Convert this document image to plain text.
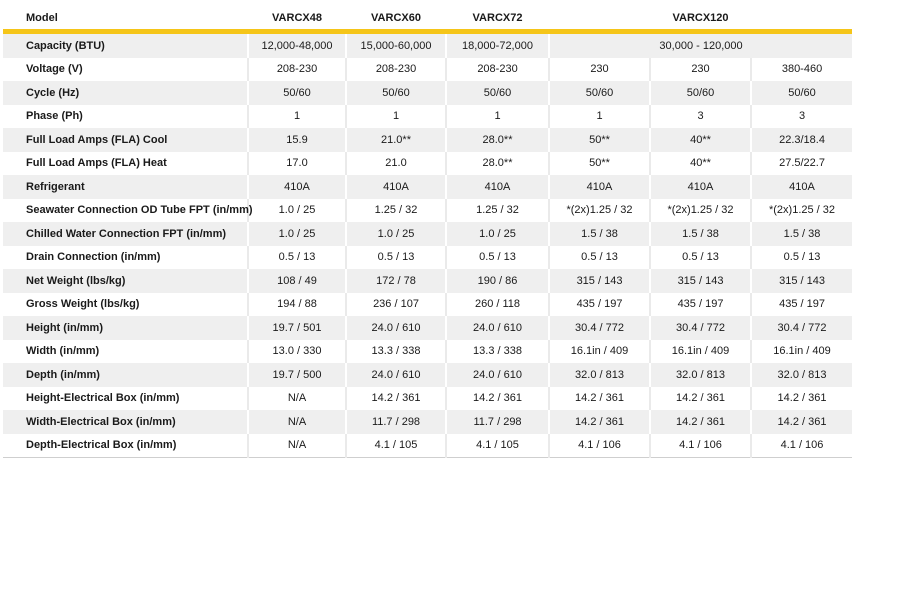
Model	VARCX48	VARCX60	VARCX72	VARCX120		
Capacity (BTU)	12,000-48,000	15,000-60,000	18,000-72,000	30,000 - 120,000		
Voltage (V)	208-230	208-230	208-230	230	230	380-460
Cycle (Hz)	50/60	50/60	50/60	50/60	50/60	50/60
Phase (Ph)	1	1	1	1	3	3
Full Load Amps (FLA) Cool	15.9	21.0**	28.0**	50**	40**	22.3/18.4
Full Load Amps (FLA) Heat	17.0	21.0	28.0**	50**	40**	27.5/22.7
Refrigerant	410A	410A	410A	410A	410A	410A
Seawater Connection OD Tube FPT (in/mm)	1.0 / 25	1.25 / 32	1.25 / 32	*(2x)1.25 / 32	*(2x)1.25 / 32	*(2x)1.25 / 32
Chilled Water Connection FPT (in/mm)	1.0 / 25	1.0 / 25	1.0 / 25	1.5 / 38	1.5 / 38	1.5 / 38
Drain Connection (in/mm)	0.5 / 13	0.5 / 13	0.5 / 13	0.5 / 13	0.5 / 13	0.5 / 13
Net Weight (lbs/kg)	108 / 49	172 / 78	190 / 86	315 / 143	315 / 143	315 / 143
Gross Weight (lbs/kg)	194 / 88	236 / 107	260 / 118	435 / 197	435 / 197	435 / 197
Height (in/mm)	19.7 / 501	24.0 / 610	24.0 / 610	30.4 / 772	30.4 / 772	30.4 / 772
Width (in/mm)	13.0 / 330	13.3 / 338	13.3 / 338	16.1in / 409	16.1in / 409	16.1in / 409
Depth (in/mm)	19.7 / 500	24.0 / 610	24.0 / 610	32.0 / 813	32.0 / 813	32.0 / 813
Height-Electrical Box (in/mm)	N/A	14.2 / 361	14.2 / 361	14.2 / 361	14.2 / 361	14.2 / 361
Width-Electrical Box (in/mm)	N/A	11.7 / 298	11.7 / 298	14.2 / 361	14.2 / 361	14.2 / 361
Depth-Electrical Box (in/mm)	N/A	4.1 / 105	4.1 / 105	4.1 / 106	4.1 / 106	4.1 / 106
